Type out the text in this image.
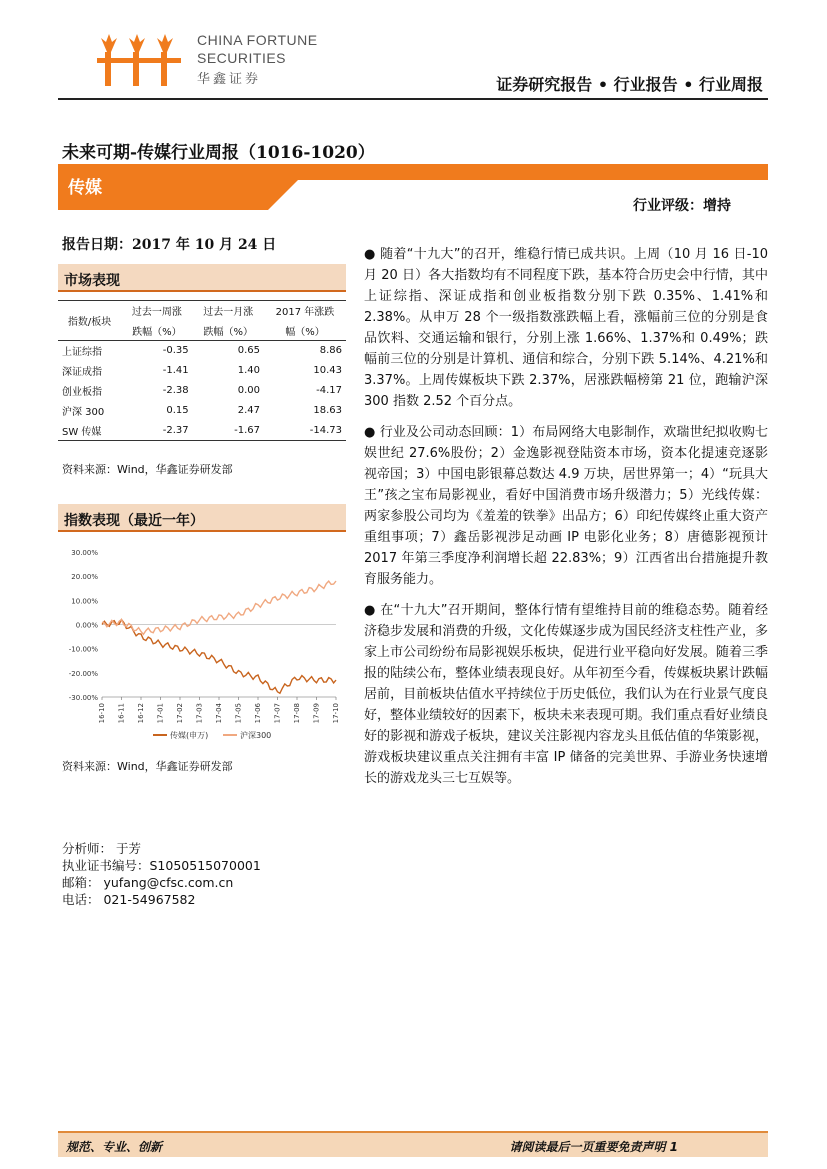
CHINA FORTUNE
SECURITIES
华鑫证券	证券研究报告 • 行业报告 • 行业周报
未来可期-传媒行业周报（1016-1020）
传媒
行业评级：增持
报告日期：2017 年 10 月 24 日
市场表现
指数/板块	过去一周涨	过去一月涨	2017 年涨跌
	跌幅（%）	跌幅（%）	幅（%）
上证综指	-0.35	0.65	8.86
深证成指	-1.41	1.40	10.43
创业板指	-2.38	0.00	-4.17
沪深 300	0.15	2.47	18.63
SW 传媒	-2.37	-1.67	-14.73
资料来源：Wind，华鑫证券研发部
指数表现（最近一年）
30.00%
20.00%
10.00%
0.00%
-10.00%
-20.00%
-30.00%
16-10 16-11 16-12 17-01 17-02 17-03 17-04 17-05 17-06 17-07 17-08 17-09 17-10
传媒(申万)	沪深300
资料来源：Wind，华鑫证券研发部
分析师： 于芳
执业证书编号：S1050515070001
邮箱： yufang@cfsc.com.cn
电话： 021-54967582
● 随着“十九大”的召开，维稳行情已成共识。上周（10 月 16 日-10 月 20 日）各大指数均有不同程度下跌，基本符合历史会中行情，其中上证综指、深证成指和创业板指数分别下跌 0.35%、1.41%和 2.38%。从申万 28 个一级指数涨跌幅上看，涨幅前三位的分别是食品饮料、交通运输和银行，分别上涨 1.66%、1.37%和 0.49%；跌幅前三位的分别是计算机、通信和综合，分别下跌 5.14%、4.21%和 3.37%。上周传媒板块下跌 2.37%，居涨跌幅榜第 21 位，跑输沪深 300 指数 2.52 个百分点。
● 行业及公司动态回顾：1）布局网络大电影制作，欢瑞世纪拟收购七娱世纪 27.6%股份；2）金逸影视登陆资本市场，资本化提速竞逐影视帝国；3）中国电影银幕总数达 4.9 万块，居世界第一；4）“玩具大王”孩之宝布局影视业，看好中国消费市场升级潜力；5）光线传媒：两家参股公司均为《羞羞的铁拳》出品方；6）印纪传媒终止重大资产重组事项；7）鑫岳影视涉足动画 IP 电影化业务；8）唐德影视预计 2017 年第三季度净利润增长超 22.83%；9）江西省出台措施提升教育服务能力。
● 在“十九大”召开期间，整体行情有望维持目前的维稳态势。随着经济稳步发展和消费的升级，文化传媒逐步成为国民经济支柱性产业，多家上市公司纷纷布局影视娱乐板块，促进行业平稳向好发展。随着三季报的陆续公布，整体业绩表现良好。从年初至今看，传媒板块累计跌幅居前，目前板块估值水平持续位于历史低位，我们认为在行业景气度良好，整体业绩较好的因素下，板块未来表现可期。我们重点看好业绩良好的影视和游戏子板块，建议关注影视内容龙头且低估值的华策影视，游戏板块建议重点关注拥有丰富 IP 储备的完美世界、手游业务快速增长的游戏龙头三七互娱等。
规范、专业、创新	请阅读最后一页重要免责声明 1
